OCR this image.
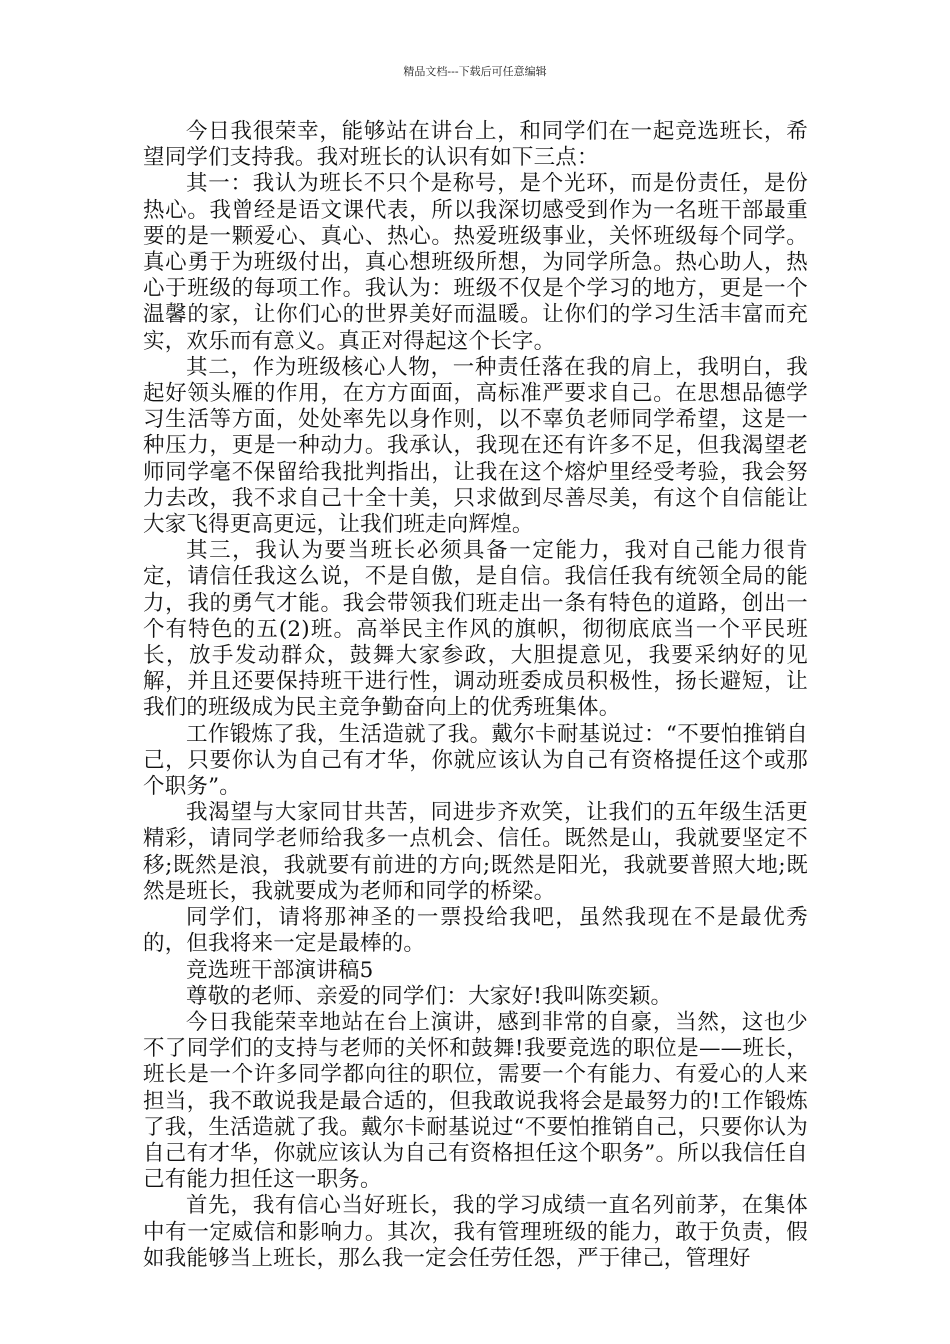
精品文档---下载后可任意编辑

今日我很荣幸，能够站在讲台上，和同学们在一起竞选班长，希望同学们支持我。我对班长的认识有如下三点：

其一：我认为班长不只个是称号，是个光环，而是份责任，是份热心。我曾经是语文课代表，所以我深切感受到作为一名班干部最重要的是一颗爱心、真心、热心。热爱班级事业，关怀班级每个同学。真心勇于为班级付出，真心想班级所想，为同学所急。热心助人，热心于班级的每项工作。我认为：班级不仅是个学习的地方，更是一个温馨的家，让你们心的世界美好而温暖。让你们的学习生活丰富而充实，欢乐而有意义。真正对得起这个长字。

其二，作为班级核心人物，一种责任落在我的肩上，我明白，我起好领头雁的作用，在方方面面，高标准严要求自己。在思想品德学习生活等方面，处处率先以身作则，以不辜负老师同学希望，这是一种压力，更是一种动力。我承认，我现在还有许多不足，但我渴望老师同学毫不保留给我批判指出，让我在这个熔炉里经受考验，我会努力去改，我不求自己十全十美，只求做到尽善尽美，有这个自信能让大家飞得更高更远，让我们班走向辉煌。

其三，我认为要当班长必须具备一定能力，我对自己能力很肯定，请信任我这么说，不是自傲，是自信。我信任我有统领全局的能力，我的勇气才能。我会带领我们班走出一条有特色的道路，创出一个有特色的五(2)班。高举民主作风的旗帜，彻彻底底当一个平民班长，放手发动群众，鼓舞大家参政，大胆提意见，我要采纳好的见解，并且还要保持班干进行性，调动班委成员积极性，扬长避短，让我们的班级成为民主竞争勤奋向上的优秀班集体。

工作锻炼了我，生活造就了我。戴尔卡耐基说过：“不要怕推销自己，只要你认为自己有才华，你就应该认为自己有资格提任这个或那个职务”。

我渴望与大家同甘共苦，同进步齐欢笑，让我们的五年级生活更精彩，请同学老师给我多一点机会、信任。既然是山，我就要坚定不移;既然是浪，我就要有前进的方向;既然是阳光，我就要普照大地;既然是班长，我就要成为老师和同学的桥梁。

同学们，请将那神圣的一票投给我吧，虽然我现在不是最优秀的，但我将来一定是最棒的。

竞选班干部演讲稿5

尊敬的老师、亲爱的同学们：大家好!我叫陈奕颖。

今日我能荣幸地站在台上演讲，感到非常的自豪，当然，这也少不了同学们的支持与老师的关怀和鼓舞!我要竞选的职位是——班长，班长是一个许多同学都向往的职位，需要一个有能力、有爱心的人来担当，我不敢说我是最合适的，但我敢说我将会是最努力的!工作锻炼了我，生活造就了我。戴尔卡耐基说过“不要怕推销自己，只要你认为自己有才华，你就应该认为自己有资格担任这个职务”。所以我信任自己有能力担任这一职务。

首先，我有信心当好班长，我的学习成绩一直名列前茅，在集体中有一定威信和影响力。其次，我有管理班级的能力，敢于负责，假如我能够当上班长，那么我一定会任劳任怨，严于律己，管理好
